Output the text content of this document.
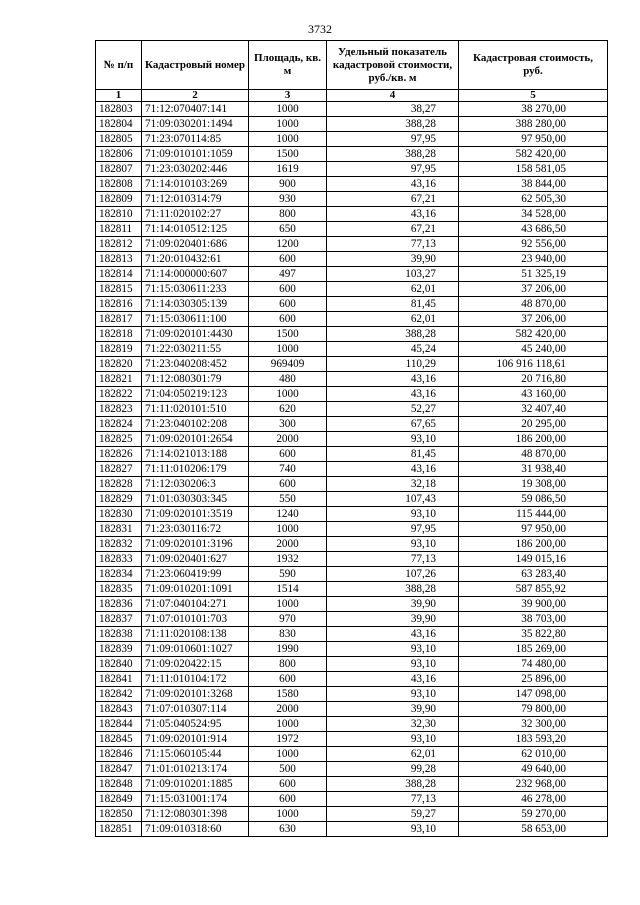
3732
№ п/п	Кадастровый номер	Площадь, кв. м	Удельный показатель кадастровой стоимости, руб./кв. м	Кадастровая стоимость, руб.
1	2	3	4	5
182803	71:12:070407:141	1000	38,27	38 270,00
182804	71:09:030201:1494	1000	388,28	388 280,00
182805	71:23:070114:85	1000	97,95	97 950,00
182806	71:09:010101:1059	1500	388,28	582 420,00
182807	71:23:030202:446	1619	97,95	158 581,05
182808	71:14:010103:269	900	43,16	38 844,00
182809	71:12:010314:79	930	67,21	62 505,30
182810	71:11:020102:27	800	43,16	34 528,00
182811	71:14:010512:125	650	67,21	43 686,50
182812	71:09:020401:686	1200	77,13	92 556,00
182813	71:20:010432:61	600	39,90	23 940,00
182814	71:14:000000:607	497	103,27	51 325,19
182815	71:15:030611:233	600	62,01	37 206,00
182816	71:14:030305:139	600	81,45	48 870,00
182817	71:15:030611:100	600	62,01	37 206,00
182818	71:09:020101:4430	1500	388,28	582 420,00
182819	71:22:030211:55	1000	45,24	45 240,00
182820	71:23:040208:452	969409	110,29	106 916 118,61
182821	71:12:080301:79	480	43,16	20 716,80
182822	71:04:050219:123	1000	43,16	43 160,00
182823	71:11:020101:510	620	52,27	32 407,40
182824	71:23:040102:208	300	67,65	20 295,00
182825	71:09:020101:2654	2000	93,10	186 200,00
182826	71:14:021013:188	600	81,45	48 870,00
182827	71:11:010206:179	740	43,16	31 938,40
182828	71:12:030206:3	600	32,18	19 308,00
182829	71:01:030303:345	550	107,43	59 086,50
182830	71:09:020101:3519	1240	93,10	115 444,00
182831	71:23:030116:72	1000	97,95	97 950,00
182832	71:09:020101:3196	2000	93,10	186 200,00
182833	71:09:020401:627	1932	77,13	149 015,16
182834	71:23:060419:99	590	107,26	63 283,40
182835	71:09:010201:1091	1514	388,28	587 855,92
182836	71:07:040104:271	1000	39,90	39 900,00
182837	71:07:010101:703	970	39,90	38 703,00
182838	71:11:020108:138	830	43,16	35 822,80
182839	71:09:010601:1027	1990	93,10	185 269,00
182840	71:09:020422:15	800	93,10	74 480,00
182841	71:11:010104:172	600	43,16	25 896,00
182842	71:09:020101:3268	1580	93,10	147 098,00
182843	71:07:010307:114	2000	39,90	79 800,00
182844	71:05:040524:95	1000	32,30	32 300,00
182845	71:09:020101:914	1972	93,10	183 593,20
182846	71:15:060105:44	1000	62,01	62 010,00
182847	71:01:010213:174	500	99,28	49 640,00
182848	71:09:010201:1885	600	388,28	232 968,00
182849	71:15:031001:174	600	77,13	46 278,00
182850	71:12:080301:398	1000	59,27	59 270,00
182851	71:09:010318:60	630	93,10	58 653,00
